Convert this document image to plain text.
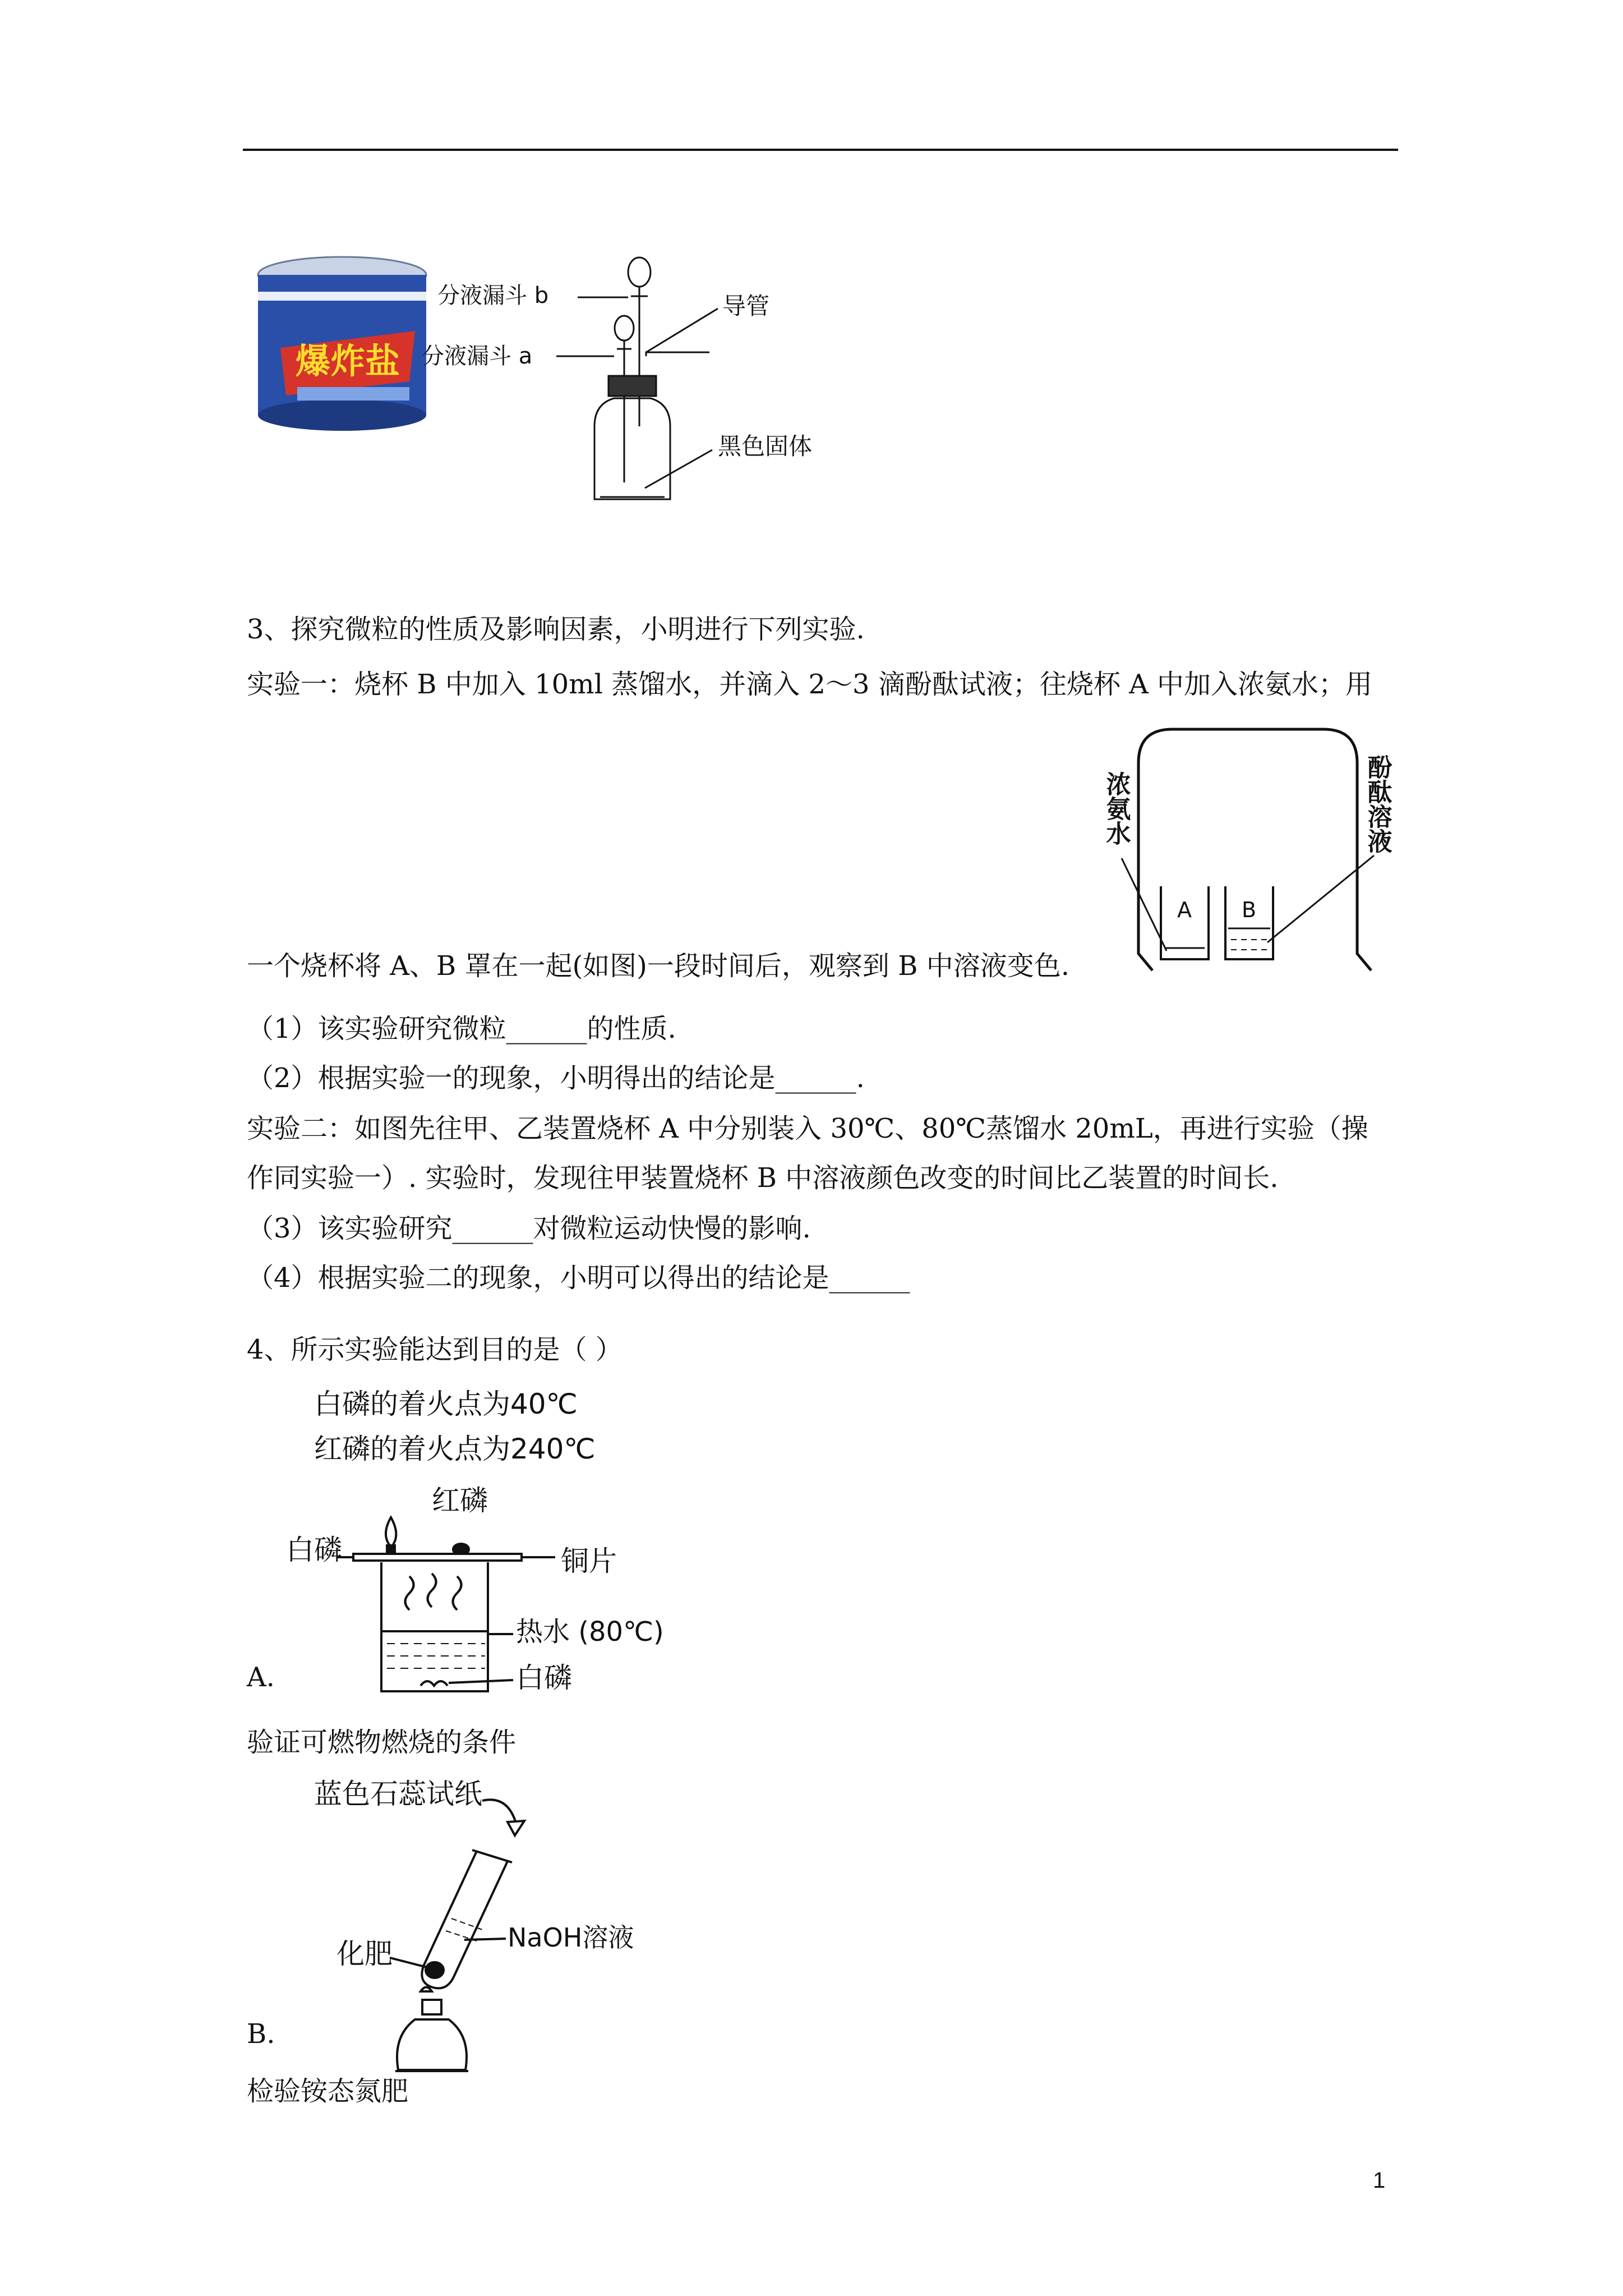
爆炸盐
分液漏斗 b
分液漏斗 a
导管
黑色固体
3、探究微粒的性质及影响因素，小明进行下列实验.
实验一：烧杯 B 中加入 10ml 蒸馏水，并滴入 2～3 滴酚酞试液；往烧杯 A 中加入浓氨水；用
A B
浓氨水	酚酞溶液
一个烧杯将 A、B 罩在一起(如图)一段时间后，观察到 B 中溶液变色.
（1）该实验研究微粒______的性质.
（2）根据实验一的现象，小明得出的结论是______.
实验二：如图先往甲、乙装置烧杯 A 中分别装入 30℃、80℃蒸馏水 20mL，再进行实验（操
作同实验一）. 实验时，发现往甲装置烧杯 B 中溶液颜色改变的时间比乙装置的时间长.
（3）该实验研究______对微粒运动快慢的影响.
（4）根据实验二的现象，小明可以得出的结论是______
4、所示实验能达到目的是（ ）
白磷的着火点为40℃
红磷的着火点为240℃
红磷
白磷	铜片
热水 (80℃)
白磷
A.
验证可燃物燃烧的条件
蓝色石蕊试纸
化肥	NaOH溶液
B.
检验铵态氮肥
1
